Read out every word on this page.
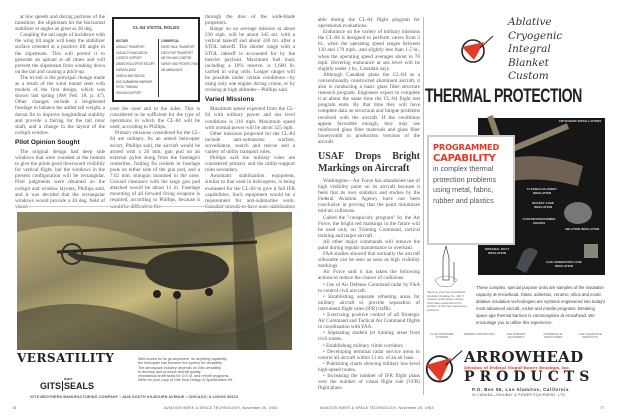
at low speeds and during portions of the transition, the slipstream hit the horizontal stabilizer at angles as great as 30 deg.

Coupling the tail angle of incidence with the wing tilt angle will keep the stabilizer surface oriented at a positive lift angle in the slipstream. This will permit it to generate an upload at all times and will prevent the slipstream from washing down on the tail and causing a pitch-up.

The tri-tail is the principal change made as a result of the wind tunnel tests with models of the first design, which was shown last spring (AW Feb. 18, p. 47). Other changes include a lengthened fuselage to balance the added tail weight, a dorsal fin to improve longitudinal stability and provide a fairing for the tail rotor shaft, and a change in the layout of the cockpit window.

Pilot Opinion Sought

The original design had deep side windows that were rounded at the bottom to give the pilots good downward visibility for vertical flight, but the windows in the present configuration will be rectangular. Pilot judgments were obtained on the cockpit and window layouts, Phillips said, and it was decided that the rectangular windows would provide a 20 deg. field of

CL-84 V/STOL ROLES
MILITARY
ASSAULT TRANSPORT
CASUALTY EVACUATION
LOGISTIC SUPPORT
ARMED HELICOPTER ESCORT
SURVEILLANCE
SEARCH AND RESCUE
ANTI-SUBMARINE WARFARE
STOVL TRAINING
GROUND SUPPORT
COMMERCIAL
SHORT HAUL TRANSPORT
EXECUTIVE TRANSPORT
AIR TAXI AND CHARTER
SURVEY AND PROSPECTING
AIR AMBULANCE

over the nose and to the sides. This is considered to be sufficient for the type of operations in which the CL-84 will be used, according to Phillips.

Primary missions considered for the CL-84 are military. As an armed helicopter escort, Phillips said, the aircraft would be armed with a 20 mm. gun pod on an external pylon slung from the fuselage's centerline, folding fin rockets in fuselage pods on either side of the gun pod, and a 7.62 mm. minigun mounted in the nose. Ground clearance with the large gun pod attached would be about 11 in. Fuselage mounting of all forward firing weapons is required, according to Phillips, because it

through the disc of the wide-blade propellers.

Range on an average mission at about 230 mph. will be about 345 mi. with a vertical takeoff and about 330 mi. after a STOL takeoff. The shorter range with a STOL takeoff is accounted for by the heavier payload. Maximum fuel load, including a 10% reserve, is 1,600 lb. carried in wing cells. Longer ranges will be possible under certain conditions—by using only one engine during cruise, or by cruising at high altitudes—Phillips said.

Varied Missions

Maximum speed expected from the CL-84 with military power and sea level conditions is 310 mph. Maximum speed with normal power will be about 325 mph.

Other missions projected for the CL-84 include anti-submarine warfare, surveillance, search and rescue and a variety of utility transport roles.

Phillips said the military roles are considered primary and the utility-support roles secondary.

Automatic stabilization equipment, similar to that used in helicopters, is being evaluated for the CL-84 to give it full IFR capabilities. Such equipment would be a requirement for anti-submarine work.

VERSATILITY	Well known for its go anywhere, do anything capability,
the helicopter has become the symbol for versatility.
The aerospace industry depends on Gits versatility
to develop and produce aircraft quality
mechanical shaft seals for O.E.M. and retrofit programs.
Write for your copy of Gits Seal Design & Specification Kit.
GITS
SHAFT
SEALS
GITS BROTHERS MANUFACTURING COMPANY • 1846 SOUTH KILBOURN AVENUE • CHICAGO, ILLINOIS 60623
76	AVIATION WEEK & SPACE TECHNOLOGY, November 25, 1963

able during the CL-84 flight program for operational evaluations.

Endurance on the variety of military missions the CL-84 is designed to perform varies from 2 hr., when the operating speed ranges between 120 and 170 mph., and slightly less than 1.5 hr., when the operating speed averages about to 70 mph. Hovering endurance at sea level will be slightly under 1 hr., Canadair says.

Although Canadair plans the CL-84 as a conventionally constructed aluminum aircraft, it also is conducting a basic glass fiber structure research program. Engineers expect to complete it at about the same time the CL-84 flight test program ends. By that time they will have complete data on structural and fatigue problems involved with the aircraft. If the conditions appear favorable enough, they may use reinforced glass fiber materials and glass fiber honeycomb in production versions of the aircraft.

USAF Drops Bright Markings on Aircraft

Washington—Air Force has abandoned use of high visibility paint on its aircraft because it feels that its own statistics and studies by the Federal Aviation Agency have not been conclusive in proving that the paint minimizes mid-air collisions.

Called the "conspicuity program" by the Air Force, the bright red markings in the future will be used only on Training Command, tactical training and target aircraft.

All other major commands will remove the paint during regular maintenance or overhaul.

FAA studies showed that normally the aircraft silhouette can be seen as soon as high visibility markings.

Air Force said it has taken the following actions to reduce the chance of collisions:

• Use of Air Defense Command radar by FAA to control civil aircraft.

• Establishing separate refueling areas for military aircraft to provide separation of instrument flight rules (IFR) traffic.

• Exercising positive control of all Strategic Air Command and Tactical Air Command flights in coordination with FAA.

• Separating student jet training areas from civil routes.

• Establishing military climb corridors.

• Developing terminal radar service areas to control all aircraft within 11 mi. of an air base.

• Publishing charts showing military low-level high-speed routes.

• Increasing the number of IFR flight plans over the number of visual flight rule (VFR) flight plans.

Ablative
Cryogenic
Integral
Blanket
Custom
THERMAL PROTECTION
CRYOGENIC INSTALLATIONS
FLEXIBLE BLANKET INSULATION
ROCKET CASE INSULATION
CUSTOM PREFORMED SHAPES
ABLATION INSULATION
INTEGRAL DUCT INSULATION
GAS GENERATOR CASE INSULATION
PROGRAMMED
CAPABILITY
in complex thermal
protection problems
using metal, fabric,
rubber and plastics
Send for your free Arrowhead Insulation Catalog No. 118. It contains authoritative design information essential to the solution of thermal engineering problems.
These complex, special purpose units are samples of the insulation capacity at Arrowhead. Glass, asbestos, ceramic, silica and exotic ablative insulation technologies are systems engineered into today's most advanced aircraft, rocket and missile programs. Breaking space age thermal barriers is commonplace at Arrowhead. We encourage you to utilize this experience.
FLUID TRANSFER SYSTEMS
THERMAL PROTECTION	LIFE SUPPORT EQUIPMENT
NONMETALLIC STRUCTURES
LOW CLEARANCE PRODUCTS
ARROWHEAD
Division of Federal Mogul-Bower Bearings, Inc.
PRODUCTS
P.O. Box 56, Los Alamitos, California
IN CANADA—RAILWAY & POWER EQUIPMENT, LTD.
AVIATION WEEK & SPACE TECHNOLOGY, November 25, 1963	77
